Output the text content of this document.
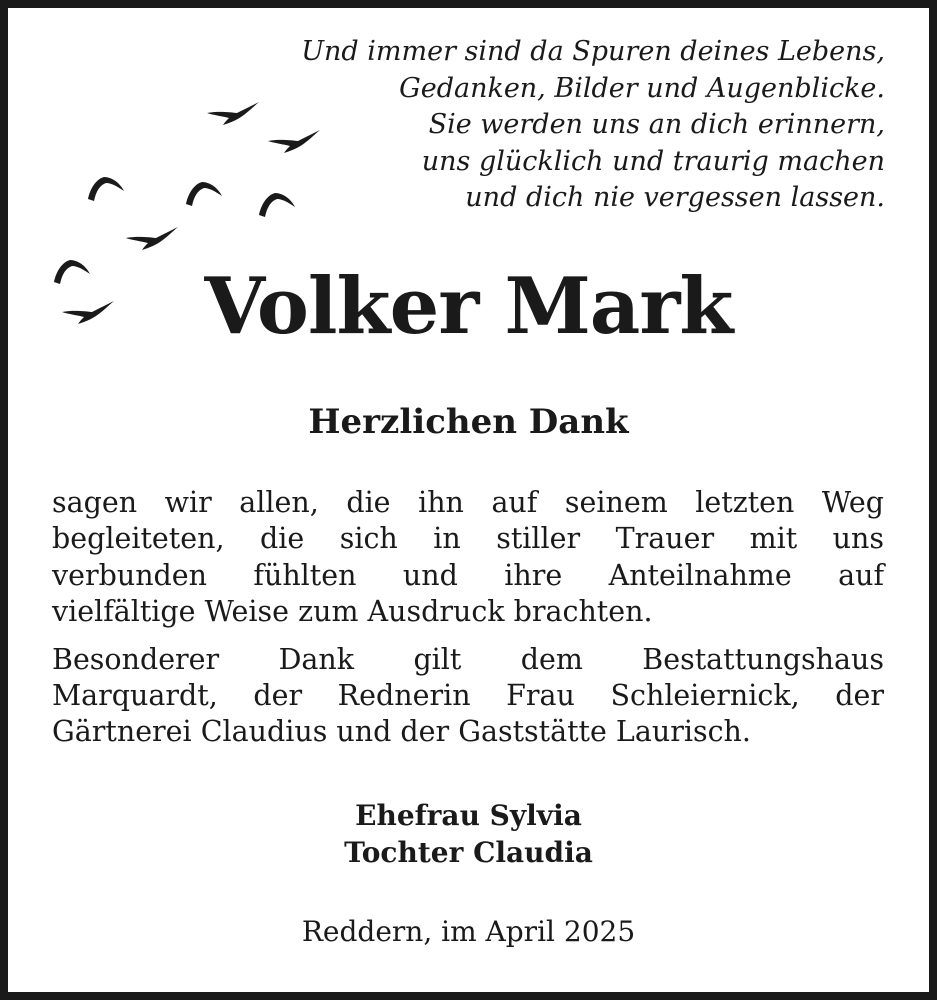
Und immer sind da Spuren deines Lebens,
Gedanken, Bilder und Augenblicke.
Sie werden uns an dich erinnern,
uns glücklich und traurig machen
und dich nie vergessen lassen.
Volker Mark
Herzlichen Dank
sagen wir allen, die ihn auf seinem letzten Weg
begleiteten, die sich in stiller Trauer mit uns
verbunden fühlten und ihre Anteilnahme auf
vielfältige Weise zum Ausdruck brachten.
Besonderer Dank gilt dem Bestattungshaus
Marquardt, der Rednerin Frau Schleiernick, der
Gärtnerei Claudius und der Gaststätte Laurisch.
Ehefrau Sylvia
Tochter Claudia
Reddern, im April 2025
